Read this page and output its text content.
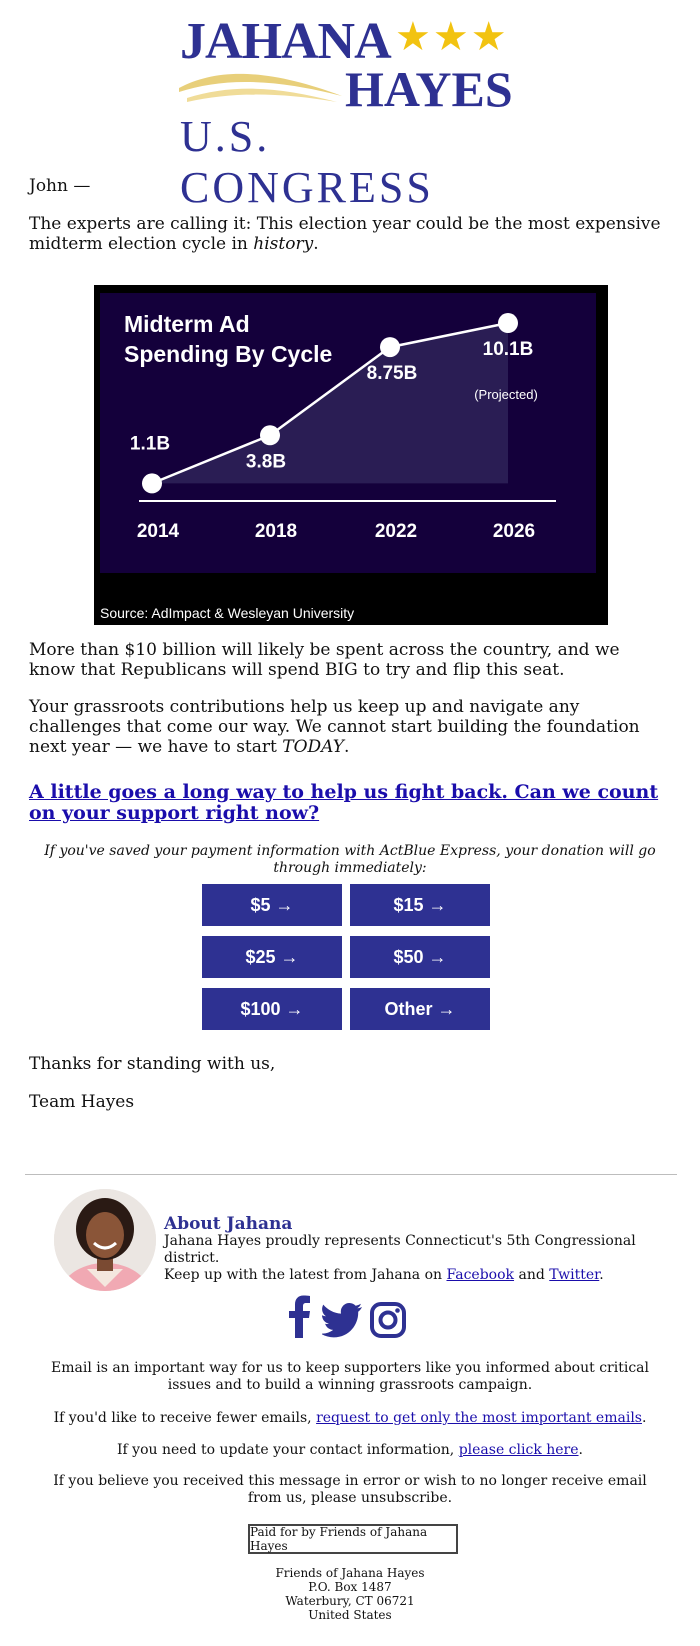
JAHANA ★★★
HAYES
U.S. CONGRESS

John —

The experts are calling it: This election year could be the most expensive midterm election cycle in history.

Midterm Ad
Spending By Cycle
1.1B
2014
3.8B
2018
8.75B
2022
10.1B
2026
(Projected)
Source: AdImpact & Wesleyan University

More than $10 billion will likely be spent across the country, and we know that Republicans will spend BIG to try and flip this seat.

Your grassroots contributions help us keep up and navigate any challenges that come our way. We cannot start building the foundation next year — we have to start TODAY.

A little goes a long way to help us fight back. Can we count on your support right now?
If you've saved your payment information with ActBlue Express, your donation will go through immediately:
$5 →	$15 →
$25 →	$50 →
$100 →	Other →

Thanks for standing with us,

Team Hayes

About Jahana
Jahana Hayes proudly represents Connecticut's 5th Congressional district.
Keep up with the latest from Jahana on Facebook and Twitter.
Email is an important way for us to keep supporters like you informed about critical issues and to build a winning grassroots campaign.
If you'd like to receive fewer emails, request to get only the most important emails.
If you need to update your contact information, please click here.
If you believe you received this message in error or wish to no longer receive email from us, please unsubscribe.
Paid for by Friends of Jahana Hayes
Friends of Jahana Hayes
P.O. Box 1487
Waterbury, CT 06721
United States
